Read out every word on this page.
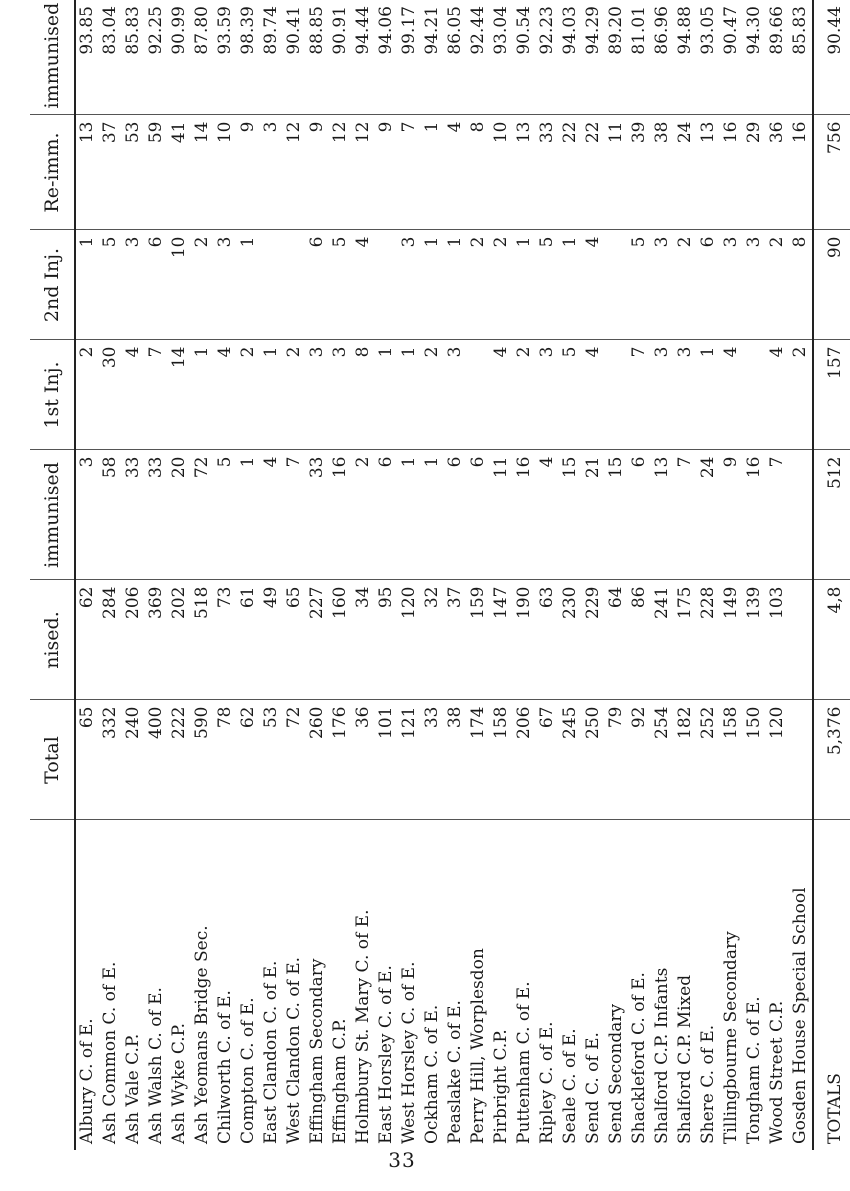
	Total	nised.	immunised	1st Inj.	2nd Inj.	Re-imm.	immunised
Albury C. of E.	65	62	3	2	1	13	93.85
Ash Common C. of E.	332	284	58	30	5	37	83.04
Ash Vale C.P.	240	206	33	4	3	53	85.83
Ash Walsh C. of E.	400	369	33	7	6	59	92.25
Ash Wyke C.P.	222	202	20	14	10	41	90.99
Ash Yeomans Bridge Sec.	590	518	72	1	2	14	87.80
Chilworth C. of E.	78	73	5	4	3	10	93.59
Compton C. of E.	62	61	1	2	1	9	98.39
East Clandon C. of E.	53	49	4	1		3	89.74
West Clandon C. of E.	72	65	7	2		12	90.41
Effingham Secondary	260	227	33	3	6	9	88.85
Effingham C.P.	176	160	16	3	5	12	90.91
Holmbury St. Mary C. of E.	36	34	2	8	4	12	94.44
East Horsley C. of E.	101	95	6	1		9	94.06
West Horsley C. of E.	121	120	1	1	3	7	99.17
Ockham C. of E.	33	32	1	2	1	1	94.21
Peaslake C. of E.	38	37	6	3	1	4	86.05
Perry Hill, Worplesdon	174	159	6		2	8	92.44
Pirbright C.P.	158	147	11	4	2	10	93.04
Puttenham C. of E.	206	190	16	2	1	13	90.54
Ripley C. of E.	67	63	4	3	5	33	92.23
Seale C. of E.	245	230	15	5	1	22	94.03
Send C. of E.	250	229	21	4	4	22	94.29
Send Secondary	79	64	15			11	89.20
Shackleford C. of E.	92	86	6	7	5	39	81.01
Shalford C.P. Infants	254	241	13	3	3	38	86.96
Shalford C.P. Mixed	182	175	7	3	2	24	94.88
Shere C. of E.	252	228	24	1	6	13	93.05
Tillingbourne Secondary	158	149	9	4	3	16	90.47
Tongham C. of E.	150	139	16		3	29	94.30
Wood Street C.P.	120	103	7	4	2	36	89.66
Gosden House Special School				2	8	16	85.83
TOTALS	5,376	4,8	512	157	90	756	90.44
33
